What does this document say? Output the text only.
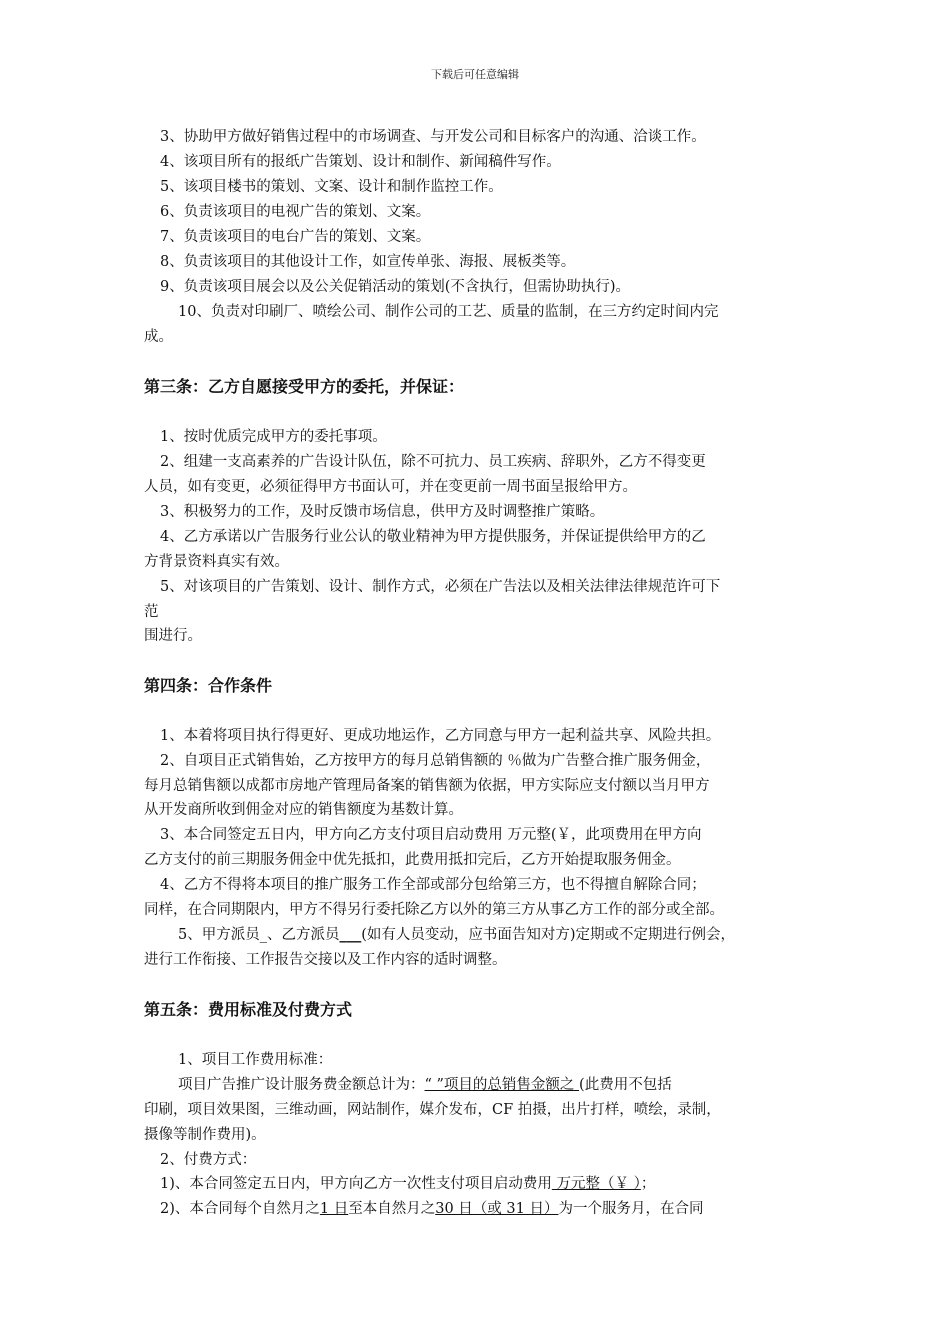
下载后可任意编辑
3、协助甲方做好销售过程中的市场调查、与开发公司和目标客户的沟通、洽谈工作。
4、该项目所有的报纸广告策划、设计和制作、新闻稿件写作。
5、该项目楼书的策划、文案、设计和制作监控工作。
6、负责该项目的电视广告的策划、文案。
7、负责该项目的电台广告的策划、文案。
8、负责该项目的其他设计工作，如宣传单张、海报、展板类等。
9、负责该项目展会以及公关促销活动的策划(不含执行，但需协助执行)。
10、负责对印刷厂、喷绘公司、制作公司的工艺、质量的监制，在三方约定时间内完
成。
第三条：乙方自愿接受甲方的委托，并保证：
1、按时优质完成甲方的委托事项。
2、组建一支高素养的广告设计队伍，除不可抗力、员工疾病、辞职外，乙方不得变更
人员，如有变更，必须征得甲方书面认可，并在变更前一周书面呈报给甲方。
3、积极努力的工作，及时反馈市场信息，供甲方及时调整推广策略。
4、乙方承诺以广告服务行业公认的敬业精神为甲方提供服务，并保证提供给甲方的乙
方背景资料真实有效。
5、对该项目的广告策划、设计、制作方式，必须在广告法以及相关法律法律规范许可下
范
围进行。
第四条：合作条件
1、本着将项目执行得更好、更成功地运作，乙方同意与甲方一起利益共享、风险共担。
2、自项目正式销售始，乙方按甲方的每月总销售额的 ％做为广告整合推广服务佣金，
每月总销售额以成都市房地产管理局备案的销售额为依据，甲方实际应支付额以当月甲方
从开发商所收到佣金对应的销售额度为基数计算。
3、本合同签定五日内，甲方向乙方支付项目启动费用 万元整(￥，此项费用在甲方向
乙方支付的前三期服务佣金中优先抵扣，此费用抵扣完后，乙方开始提取服务佣金。
4、乙方不得将本项目的推广服务工作全部或部分包给第三方，也不得擅自解除合同；
同样，在合同期限内，甲方不得另行委托除乙方以外的第三方从事乙方工作的部分或全部。
5、甲方派员_、乙方派员___(如有人员变动，应书面告知对方)定期或不定期进行例会，
进行工作衔接、工作报告交接以及工作内容的适时调整。
第五条：费用标准及付费方式
1、项目工作费用标准：
项目广告推广设计服务费金额总计为：“ ”项目的总销售金额之 (此费用不包括
印刷，项目效果图，三维动画，网站制作，媒介发布，CF 拍摄，出片打样，喷绘，录制，
摄像等制作费用)。
2、付费方式：
1)、本合同签定五日内，甲方向乙方一次性支付项目启动费用 万元整（￥ ）；
2)、本合同每个自然月之1 日至本自然月之30 日（或 31 日）为一个服务月，在合同
